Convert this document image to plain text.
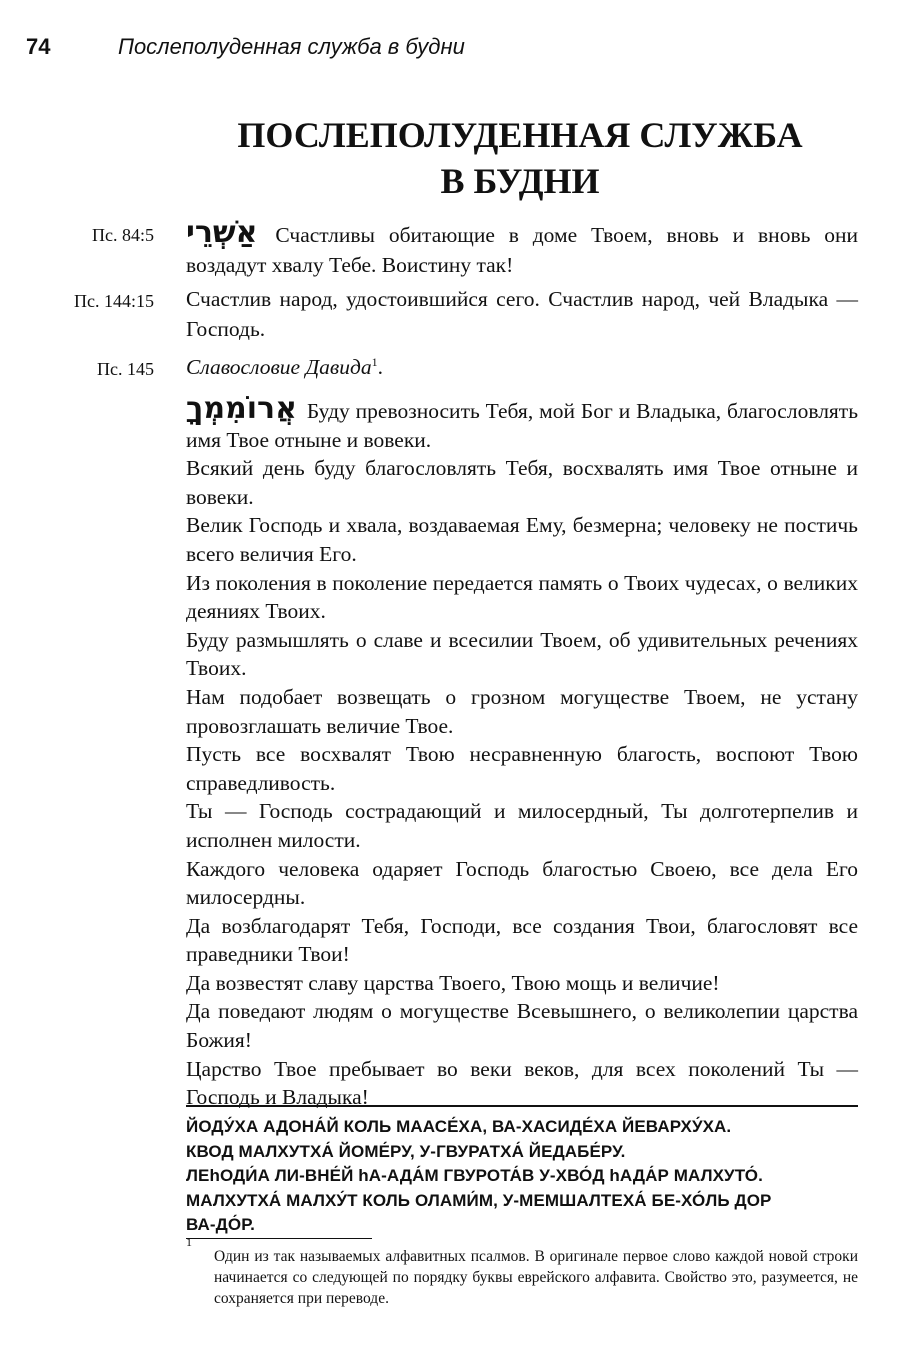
74	Послеполуденная служба в будни
ПОСЛЕПОЛУДЕННАЯ СЛУЖБА
В БУДНИ
Пс. 84:5 אַשְׁרֵי Счастливы обитающие в доме Твоем, вновь и вновь они воздадут хвалу Тебе. Воистину так!
Пс. 144:15 Счастлив народ, удостоившийся сего. Счастлив народ, чей Владыка — Господь.
Пс. 145 Славословие Давида$^1$.
אֲרוֹמִמְךָ Буду превозносить Тебя, мой Бог и Владыка, благословлять имя Твое отныне и вовеки.
Всякий день буду благословлять Тебя, восхвалять имя Твое отныне и вовеки.
Велик Господь и хвала, воздаваемая Ему, безмерна; человеку не постичь всего величия Его.
Из поколения в поколение передается память о Твоих чудесах, о великих деяниях Твоих.
Буду размышлять о славе и всесилии Твоем, об удивительных речениях Твоих.
Нам подобает возвещать о грозном могуществе Твоем, не устану провозглашать величие Твое.
Пусть все восхвалят Твою несравненную благость, воспоют Твою справедливость.
Ты — Господь сострадающий и милосердный, Ты долготерпелив и исполнен милости.
Каждого человека одаряет Господь благостью Своею, все дела Его милосердны.
Да возблагодарят Тебя, Господи, все создания Твои, благословят все праведники Твои!
Да возвестят славу царства Твоего, Твою мощь и величие!
Да поведают людям о могуществе Всевышнего, о великолепии царства Божия!
Царство Твое пребывает во веки веков, для всех поколений Ты — Господь и Владыка!
ЙОДУ́ХА АДОНА́Й КОЛЬ МААСЕ́ХА, ВА-ХАСИДЕ́ХА ЙЕВАРХУ́ХА.
КВОД МАЛХУТХА́ ЙОМЕ́РУ, У-ГВУРАТХА́ ЙЕДАБЕ́РУ.
ЛЕhОДИ́А ЛИ-ВНЕ́Й hА-АДА́М ГВУРОТА́В У-ХВО́Д hАДА́Р МАЛХУТО́.
МАЛХУТХА́ МАЛХУ́Т КОЛЬ ОЛАМИ́М, У-МЕМШАЛТЕХА́ БЕ-ХО́ЛЬ ДОР
ВА-ДО́Р.
1
Один из так называемых алфавитных псалмов. В оригинале первое слово каждой новой строки начинается со следующей по порядку буквы еврейского алфавита. Свойство это, разумеется, не сохраняется при переводе.
